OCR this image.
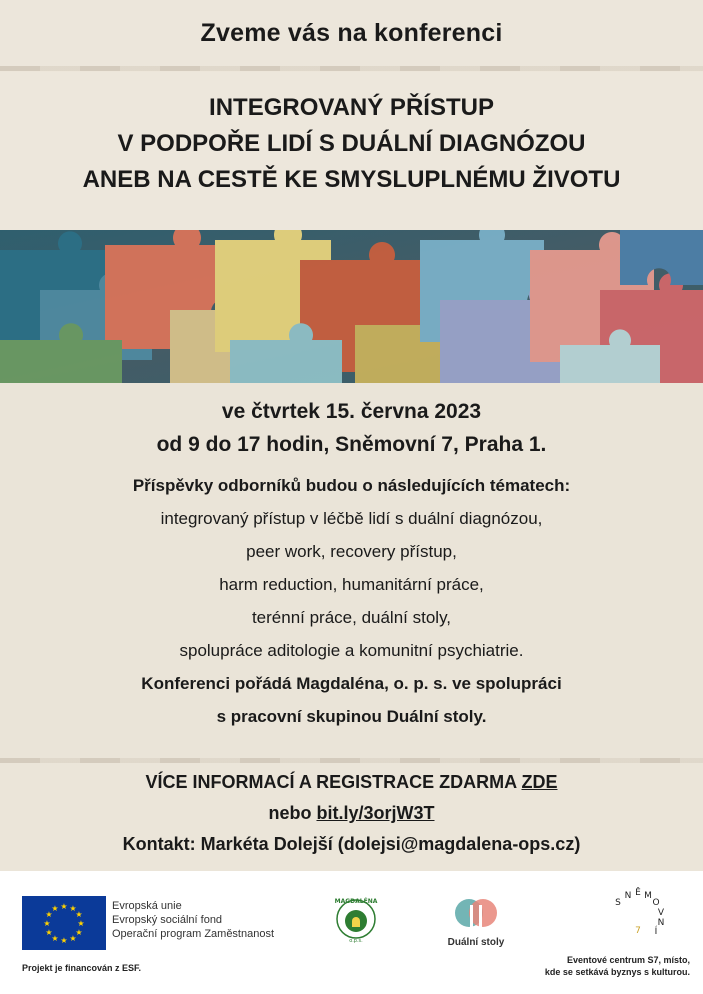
Zveme vás na konferenci
INTEGROVANÝ PŘÍSTUP
V PODPOŘE LIDÍ S DUÁLNÍ DIAGNÓZOU
ANEB NA CESTĚ KE SMYSLUPLNÉMU ŽIVOTU
ve čtvrtek 15. června 2023
od 9 do 17 hodin, Sněmovní 7, Praha 1.

Příspěvky odborníků budou o následujících tématech:

integrovaný přístup v léčbě lidí s duální diagnózou,

peer work, recovery přístup,

harm reduction, humanitární práce,

terénní práce, duální stoly,

spolupráce aditologie a komunitní psychiatrie.

Konferenci pořádá Magdaléna, o. p. s. ve spolupráci

s pracovní skupinou Duální stoly.

VÍCE INFORMACÍ A REGISTRACE ZDARMA ZDE

nebo bit.ly/3orjW3T

Kontakt: Markéta Dolejší (dolejsi@magdalena-ops.cz)

★ ★
★
★
★
★
★
★
★
★
★
★	Evropská unie
Evropský sociální fond
Operační program Zaměstnanost
Projekt je financován z ESF.
MAGDALÉNA
o.p.s.	Duální stoly
S
N Ě M
O
V
N
Í
7
Eventové centrum S7, místo,
kde se setkává byznys s kulturou.
